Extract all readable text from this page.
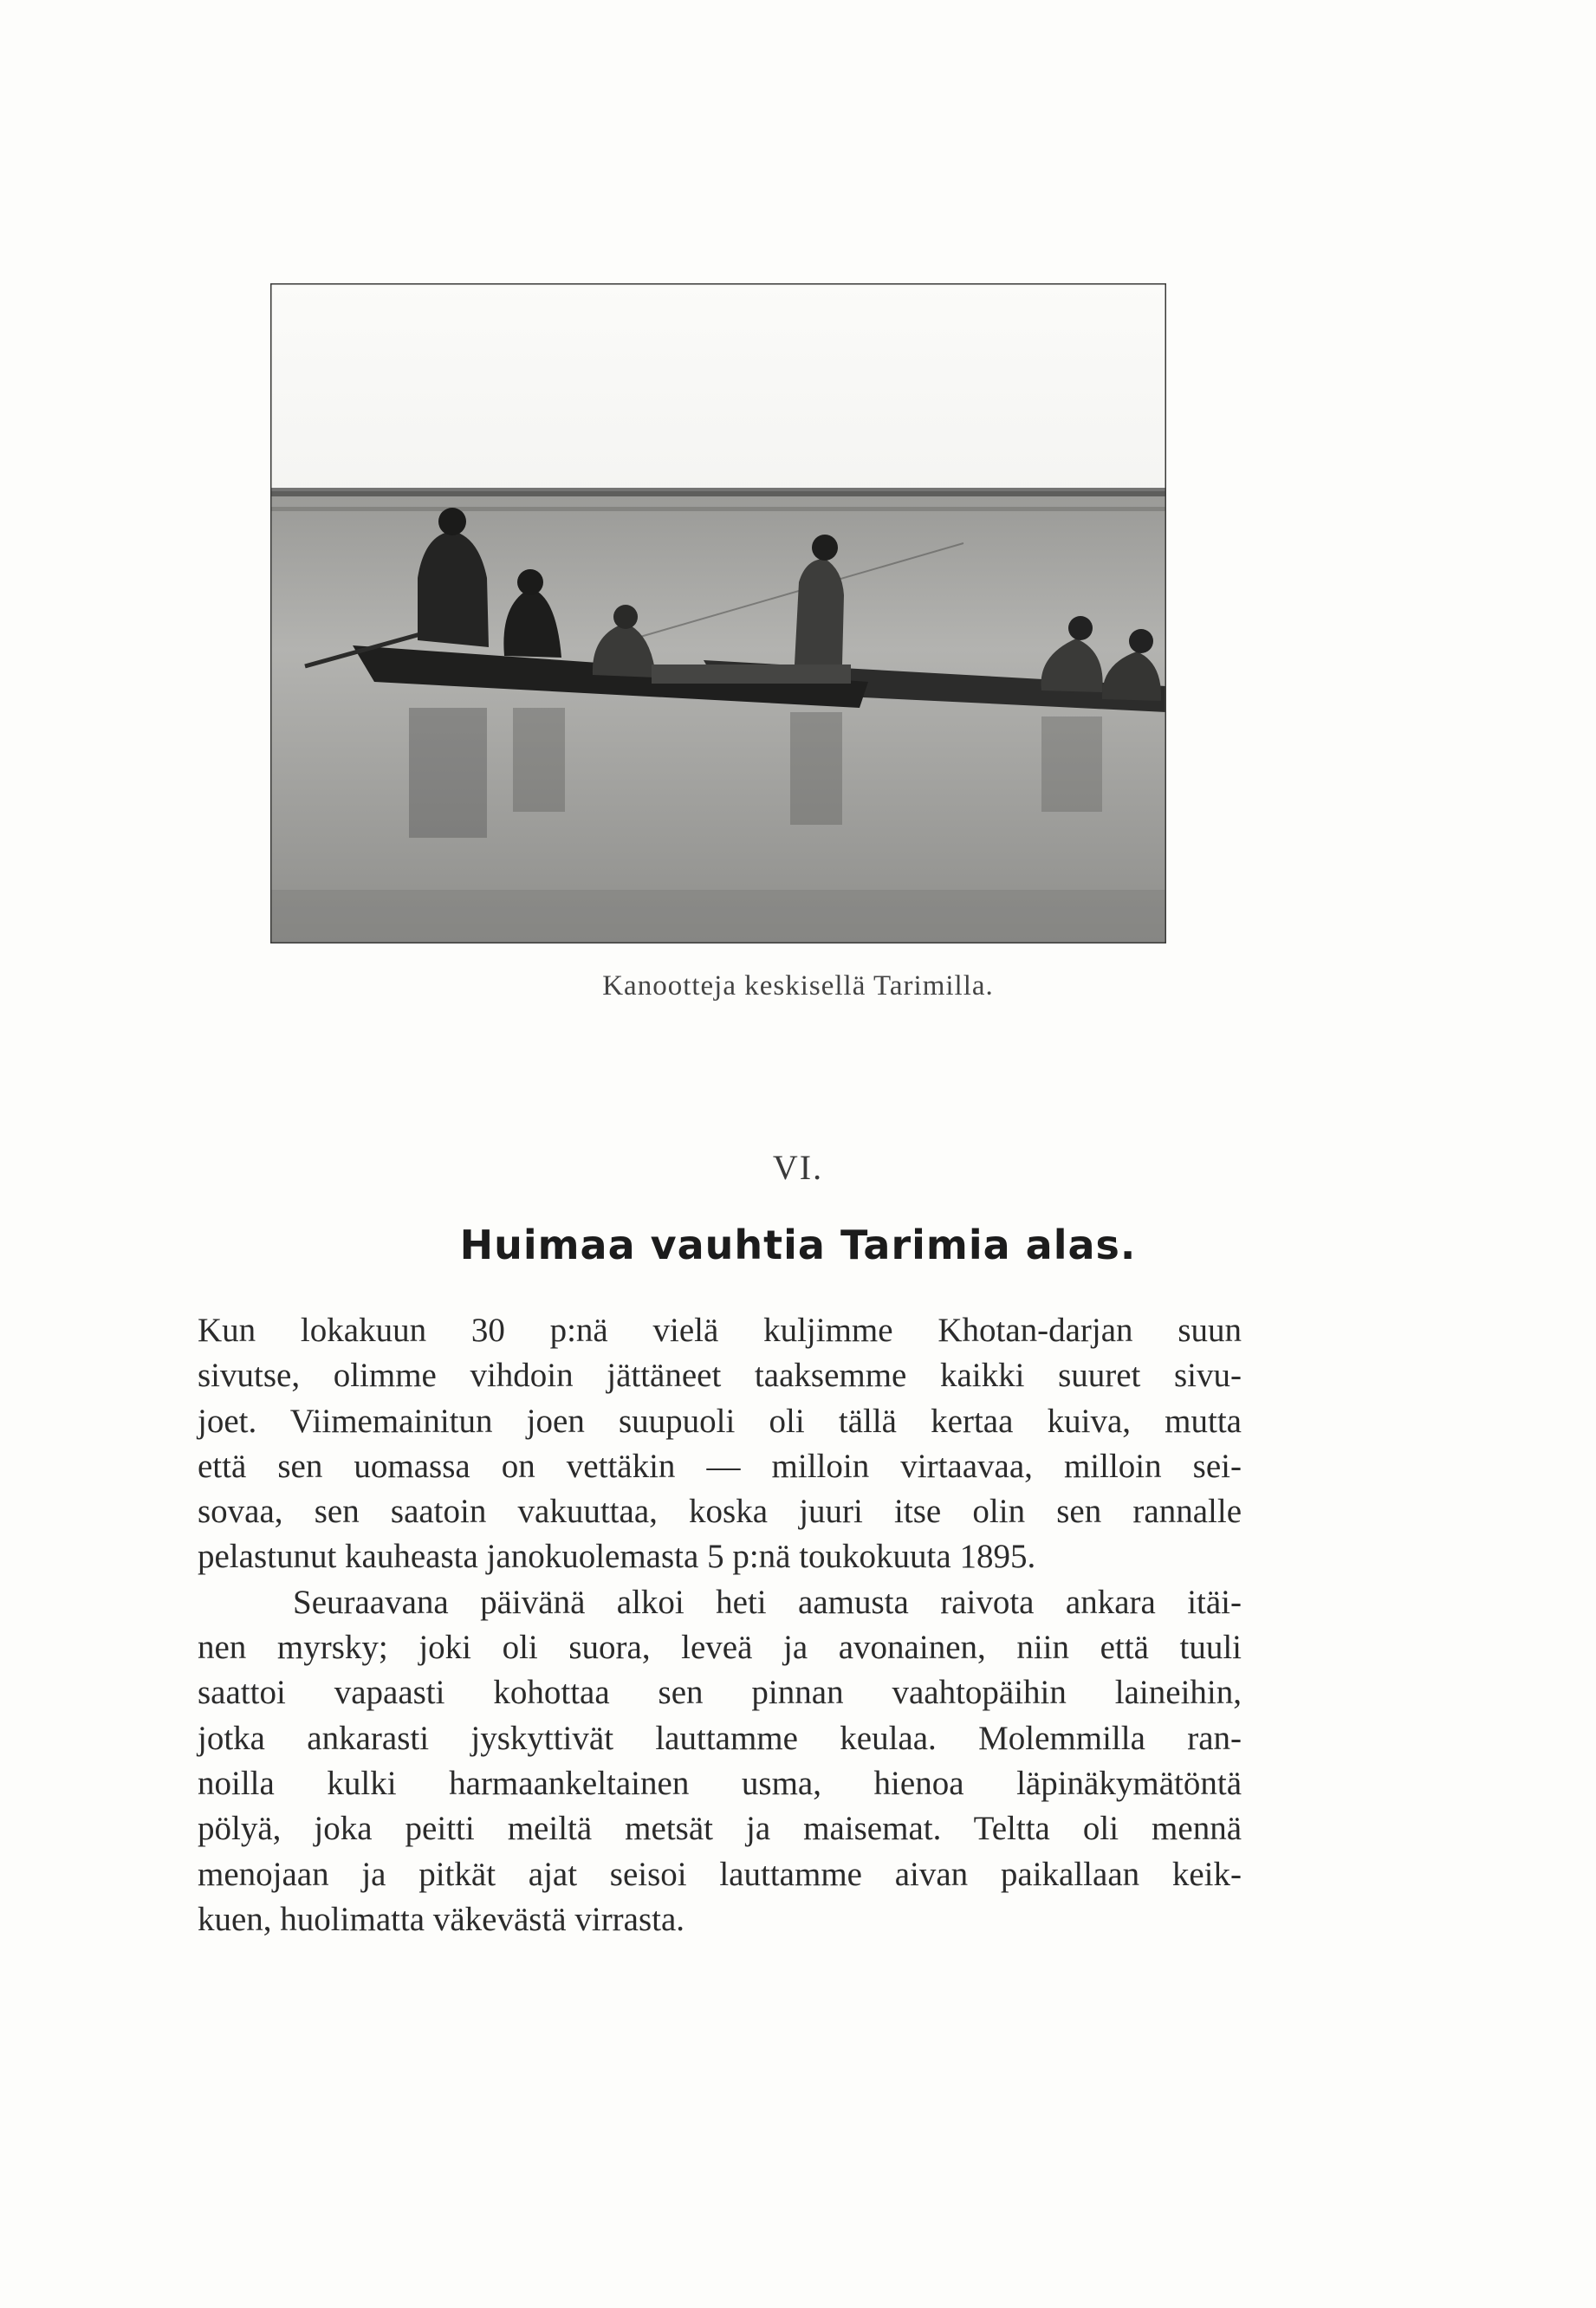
Kanootteja keskisellä Tarimilla.
VI.
Huimaa vauhtia Tarimia alas.
Kun lokakuun 30 p:nä vielä kuljimme Khotan-darjan suun
sivutse, olimme vihdoin jättäneet taaksemme kaikki suuret sivu-
joet. Viimemainitun joen suupuoli oli tällä kertaa kuiva, mutta
että sen uomassa on vettäkin — milloin virtaavaa, milloin sei-
sovaa, sen saatoin vakuuttaa, koska juuri itse olin sen rannalle
pelastunut kauheasta janokuolemasta 5 p:nä toukokuuta 1895.
Seuraavana päivänä alkoi heti aamusta raivota ankara itäi-
nen myrsky; joki oli suora, leveä ja avonainen, niin että tuuli
saattoi vapaasti kohottaa sen pinnan vaahtopäihin laineihin,
jotka ankarasti jyskyttivät lauttamme keulaa. Molemmilla ran-
noilla kulki harmaankeltainen usma, hienoa läpinäkymätöntä
pölyä, joka peitti meiltä metsät ja maisemat. Teltta oli mennä
menojaan ja pitkät ajat seisoi lauttamme aivan paikallaan keik-
kuen, huolimatta väkevästä virrasta.
